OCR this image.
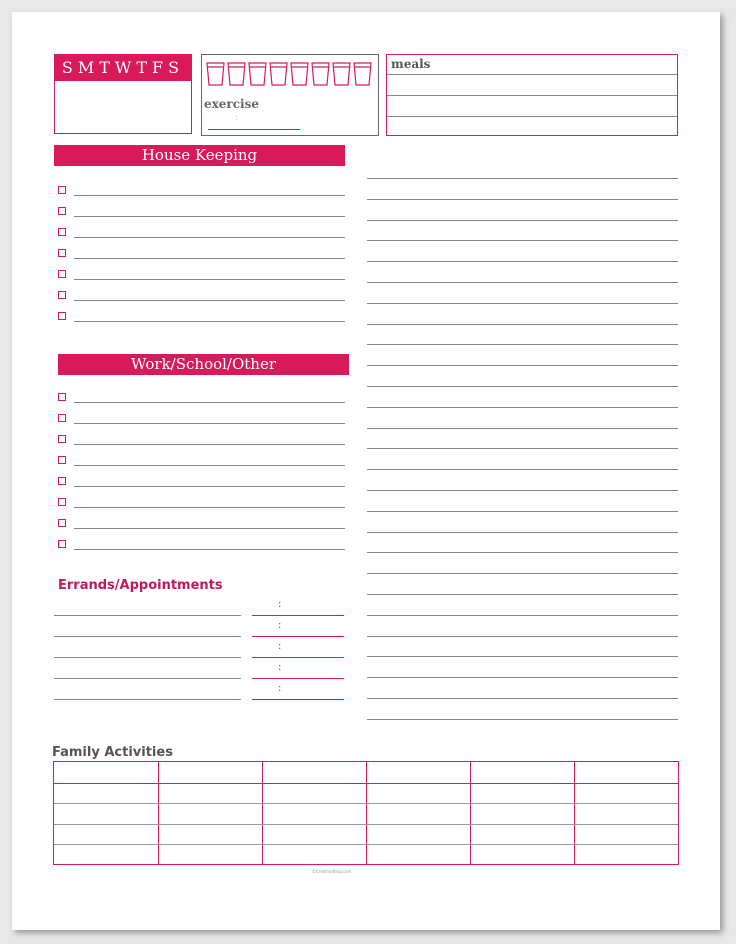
SMTWTFS
exercise
:
meals
House Keeping
Work/School/Other
Errands/Appointments
:
:
:
:
:
Family Activities
©CreativeBlog.com
